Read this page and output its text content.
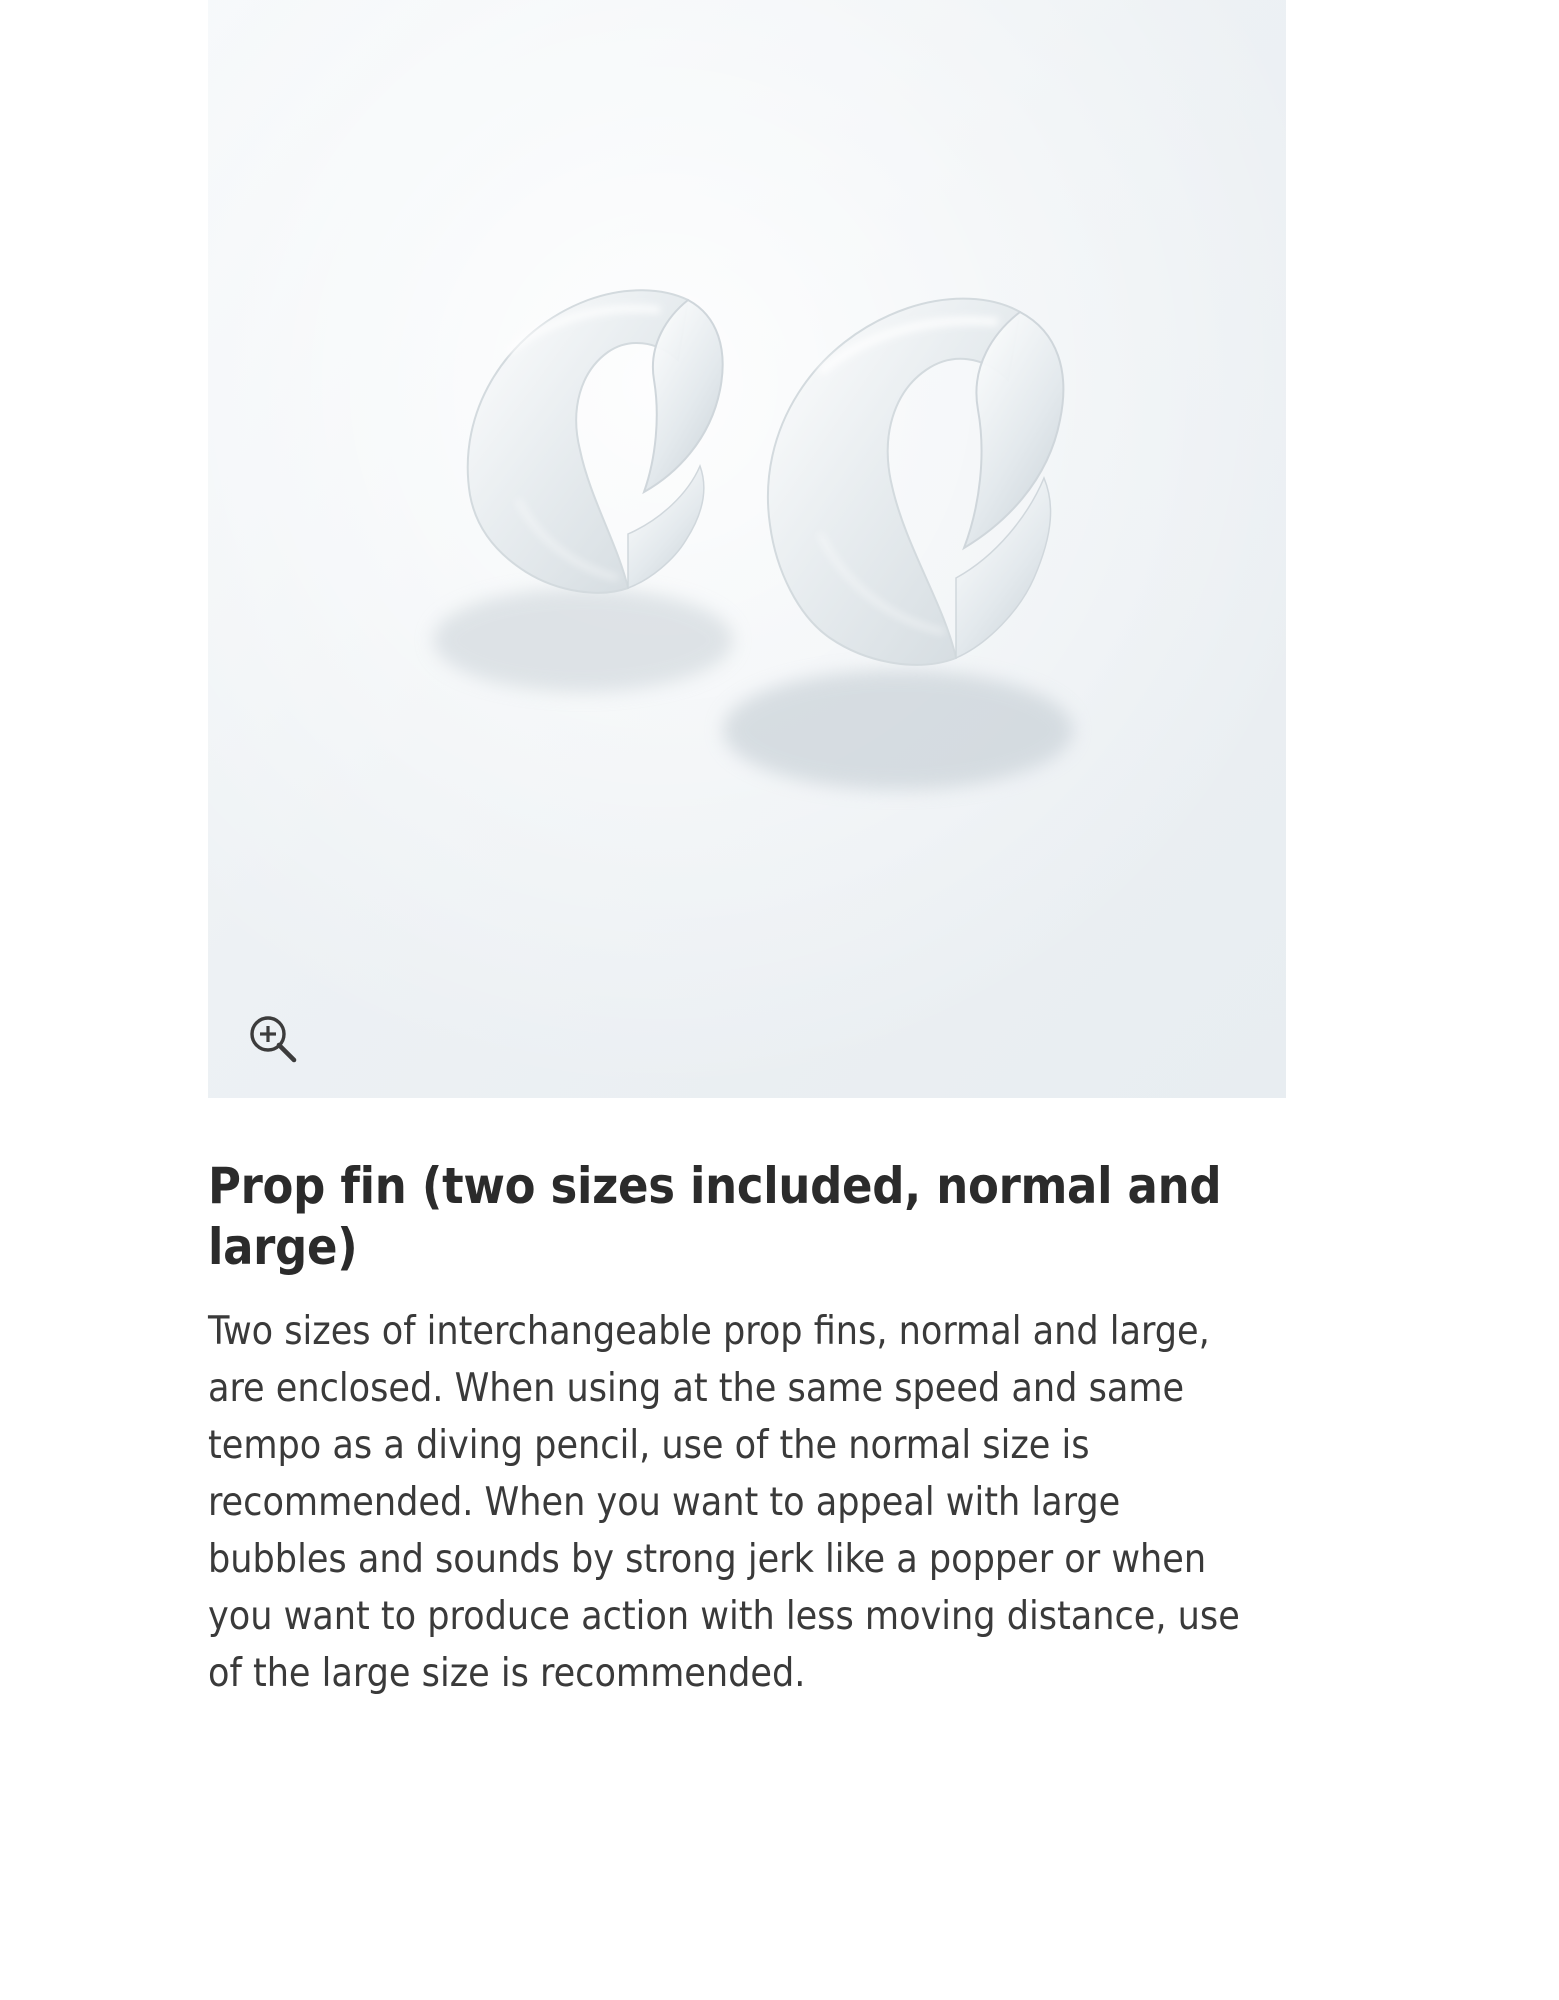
Prop fin (two sizes included, normal and large)

Two sizes of interchangeable prop fins, normal and large, are enclosed. When using at the same speed and same tempo as a diving pencil, use of the normal size is recommended. When you want to appeal with large bubbles and sounds by strong jerk like a popper or when you want to produce action with less moving distance, use of the large size is recommended.
